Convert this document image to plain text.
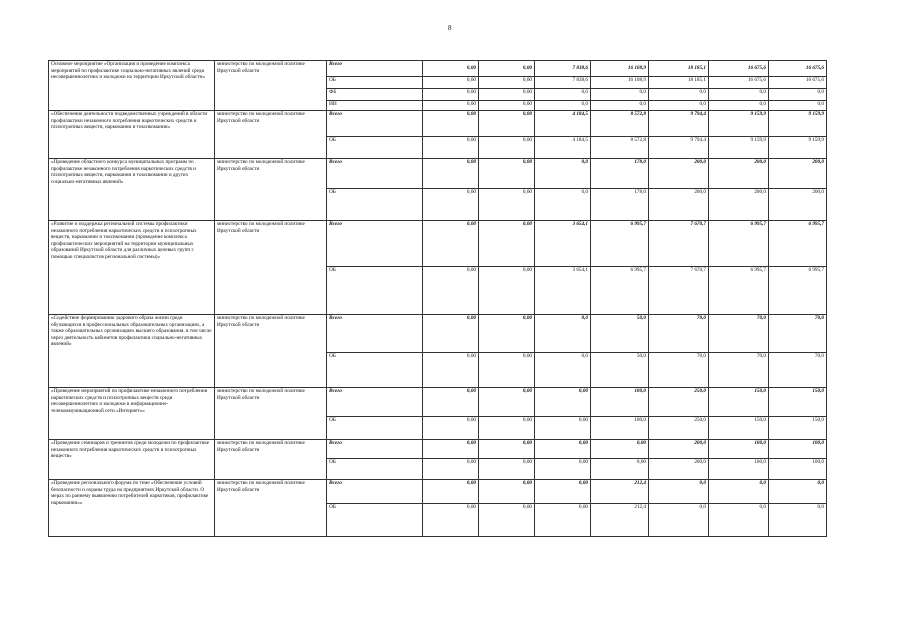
8
Основное мероприятие «Организация и проведение комплекса мероприятий по профилактике социально-негативных явлений среди несовершеннолетних и молодежи на территории Иркутской области»	министерство по молодежной политике Иркутской области	Всего	0,00	0,00	7 838,6	16 108,9	18 185,1	16 675,6	16 675,6
		ОБ	0,00	0,00	7 838,6	16 108,9	18 185,1	16 675,6	16 675,6
		ФБ	0,00	0,00	0,0	0,0	0,0	0,0	0,0
		ИИ	0,00	0,00	0,0	0,0	0,0	0,0	0,0
«Обеспечение деятельности подведомственных учреждений в области профилактики незаконного потребления наркотических средств и психотропных веществ, наркомании и токсикомании»	министерство по молодежной политике Иркутской области	Всего	0,00	0,00	4 184,5	8 572,8	9 794,4	9 159,9	9 159,9
		ОБ	0,00	0,00	4 184,5	8 572,8	9 794,4	9 159,9	9 159,9
«Проведение областного конкурса муниципальных программ по профилактике незаконного потребления наркотических средств и психотропных веществ, наркомании и токсикомании и других социально-негативных явлений»	министерство по молодежной политике Иркутской области	Всего	0,00	0,00	0,0	178,0	200,0	200,0	200,0
		ОБ	0,00	0,00	0,0	178,0	200,0	200,0	200,0
«Развитие и поддержка региональной системы профилактики незаконного потребления наркотических средств и психотропных веществ, наркомании и токсикомании (проведение комплекса профилактических мероприятий на территории муниципальных образований Иркутской области для различных целевых групп с помощью специалистов региональной системы)»	министерство по молодежной политике Иркутской области	Всего	0,00	0,00	3 654,1	6 995,7	7 670,7	6 995,7	6 995,7
		ОБ	0,00	0,00	3 654,1	6 995,7	7 670,7	6 995,7	6 995,7
«Содействие формированию здорового образа жизни среди обучающихся в профессиональных образовательных организациях, а также образовательных организациях высшего образования, в том числе через деятельность кабинетов профилактики социально-негативных явлений»	министерство по молодежной политике Иркутской области	Всего	0,00	0,00	0,0	50,0	70,0	70,0	70,0
		ОБ	0,00	0,00	0,0	50,0	70,0	70,0	70,0
«Проведение мероприятий по профилактике незаконного потребления наркотических средств и психотропных веществ среди несовершеннолетних и молодежи в информационно-телекоммуникационной сети «Интернет»»	министерство по молодежной политике Иркутской области	Всего	0,00	0,00	0,00	100,0	250,0	150,0	150,0
		ОБ	0,00	0,00	0,00	100,0	250,0	150,0	150,0
«Проведение семинаров и тренингов среди молодежи по профилактике незаконного потребления наркотических средств и психотропных веществ»	министерство по молодежной политике Иркутской области	Всего	0,00	0,00	0,00	0,00	200,0	100,0	100,0
		ОБ	0,00	0,00	0,00	0,00	200,0	100,0	100,0
«Проведение регионального форума по теме «Обеспечение условий безопасности и охраны труда на предприятиях Иркутской области. О мерах по раннему выявлению потребителей наркотиков, профилактике наркомании»»	министерство по молодежной политике Иркутской области	Всего	0,00	0,00	0,00	212,4	0,0	0,0	0,0
		ОБ	0,00	0,00	0,00	212,4	0,0	0,0	0,0
